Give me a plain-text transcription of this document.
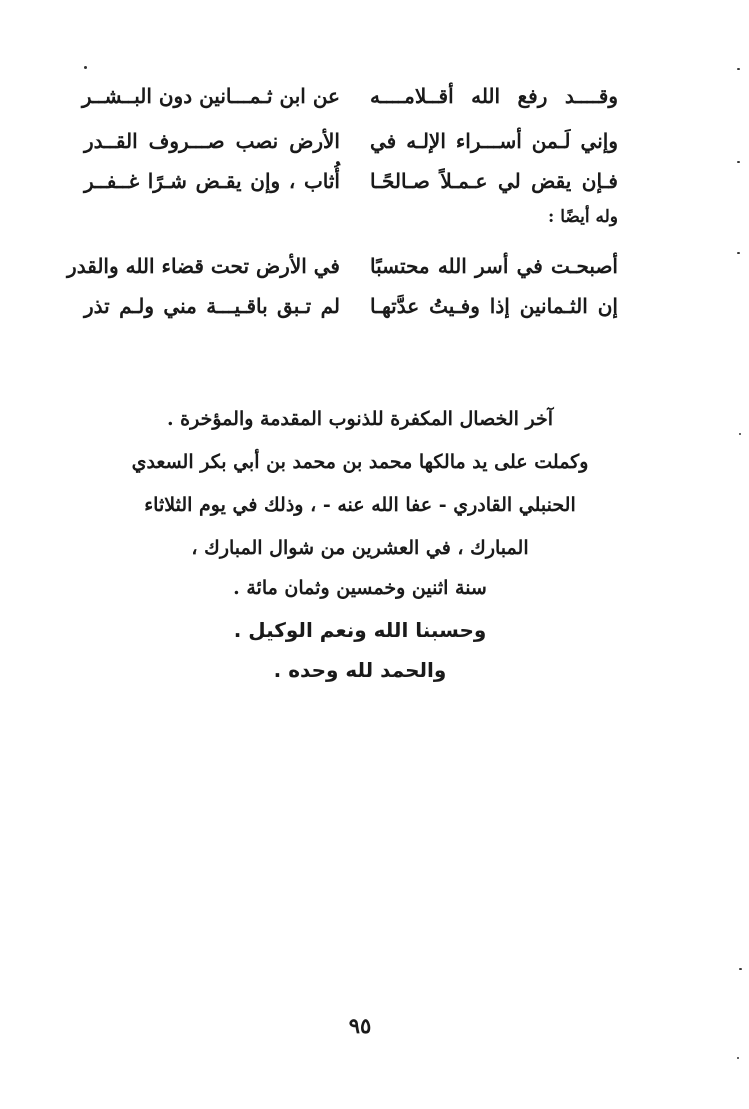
وقــــد رفع الله أقــلامــــه
عن ابن ثـمـــانين دون البــشــر
وإني لَـمن أســـراء الإلـه في
الأرض نصب صـــروف القــدر
فـإن يقض لي عـمـلاً صـالحًـا
أُثاب ، وإن يقـض شـرًا غــفــر
وله أيضًا :
أصبحـت في أسر الله محتسبًا
في الأرض تحت قضاء الله والقدر
إن الثـمانين إذا وفـيتُ عدَّتهـا
لم تـبق باقـيـــة مني ولـم تذر
آخر الخصال المكفرة للذنوب المقدمة والمؤخرة .
وكملت على يد مالكها محمد بن محمد بن أبي بكر السعدي
الحنبلي القادري - عفا الله عنه - ، وذلك في يوم الثلاثاء
المبارك ، في العشرين من شوال المبارك ،
سنة اثنين وخمسين وثمان مائة .
وحسبنا الله ونعم الوكيل .
والحمد لله وحده .
٩٥
